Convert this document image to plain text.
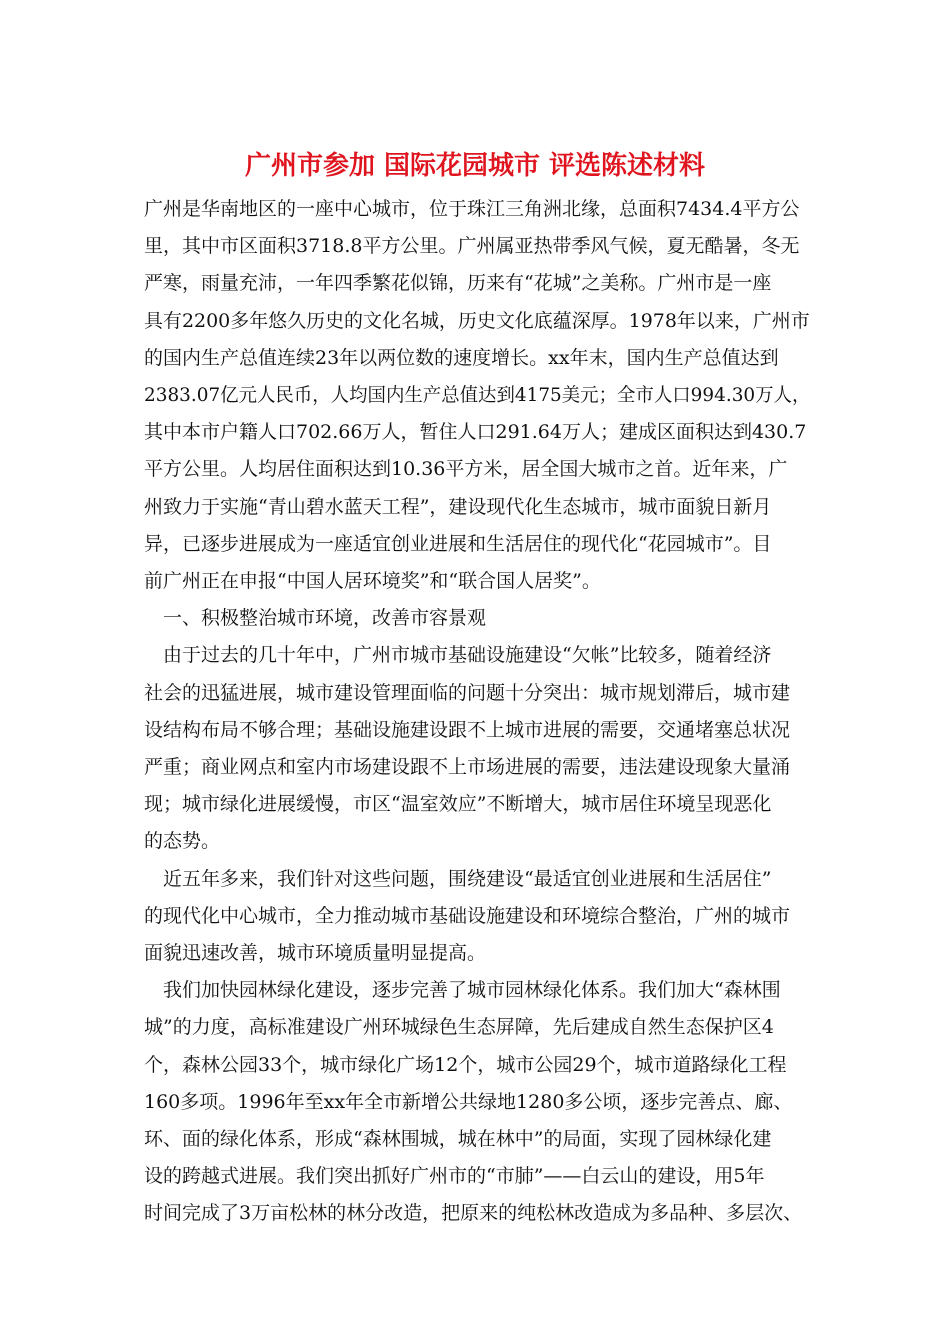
广州市参加 国际花园城市 评选陈述材料
广州是华南地区的一座中心城市，位于珠江三角洲北缘，总面积7434.4平方公
里，其中市区面积3718.8平方公里。广州属亚热带季风气候，夏无酷暑，冬无
严寒，雨量充沛，一年四季繁花似锦，历来有“花城”之美称。广州市是一座
具有2200多年悠久历史的文化名城，历史文化底蕴深厚。1978年以来，广州市
的国内生产总值连续23年以两位数的速度增长。xx年末，国内生产总值达到
2383.07亿元人民币，人均国内生产总值达到4175美元；全市人口994.30万人，
其中本市户籍人口702.66万人，暂住人口291.64万人；建成区面积达到430.7
平方公里。人均居住面积达到10.36平方米，居全国大城市之首。近年来，广
州致力于实施“青山碧水蓝天工程”，建设现代化生态城市，城市面貌日新月
异，已逐步进展成为一座适宜创业进展和生活居住的现代化“花园城市”。目
前广州正在申报“中国人居环境奖”和“联合国人居奖”。
　一、积极整治城市环境，改善市容景观
　由于过去的几十年中，广州市城市基础设施建设“欠帐”比较多，随着经济
社会的迅猛进展，城市建设管理面临的问题十分突出：城市规划滞后，城市建
设结构布局不够合理；基础设施建设跟不上城市进展的需要，交通堵塞总状况
严重；商业网点和室内市场建设跟不上市场进展的需要，违法建设现象大量涌
现；城市绿化进展缓慢，市区“温室效应”不断增大，城市居住环境呈现恶化
的态势。
　近五年多来，我们针对这些问题，围绕建设“最适宜创业进展和生活居住”
的现代化中心城市，全力推动城市基础设施建设和环境综合整治，广州的城市
面貌迅速改善，城市环境质量明显提高。
　我们加快园林绿化建设，逐步完善了城市园林绿化体系。我们加大“森林围
城”的力度，高标准建设广州环城绿色生态屏障，先后建成自然生态保护区4
个，森林公园33个，城市绿化广场12个，城市公园29个，城市道路绿化工程
160多项。1996年至xx年全市新增公共绿地1280多公顷，逐步完善点、廊、
环、面的绿化体系，形成“森林围城，城在林中”的局面，实现了园林绿化建
设的跨越式进展。我们突出抓好广州市的“市肺”——白云山的建设，用5年
时间完成了3万亩松林的林分改造，把原来的纯松林改造成为多品种、多层次、
